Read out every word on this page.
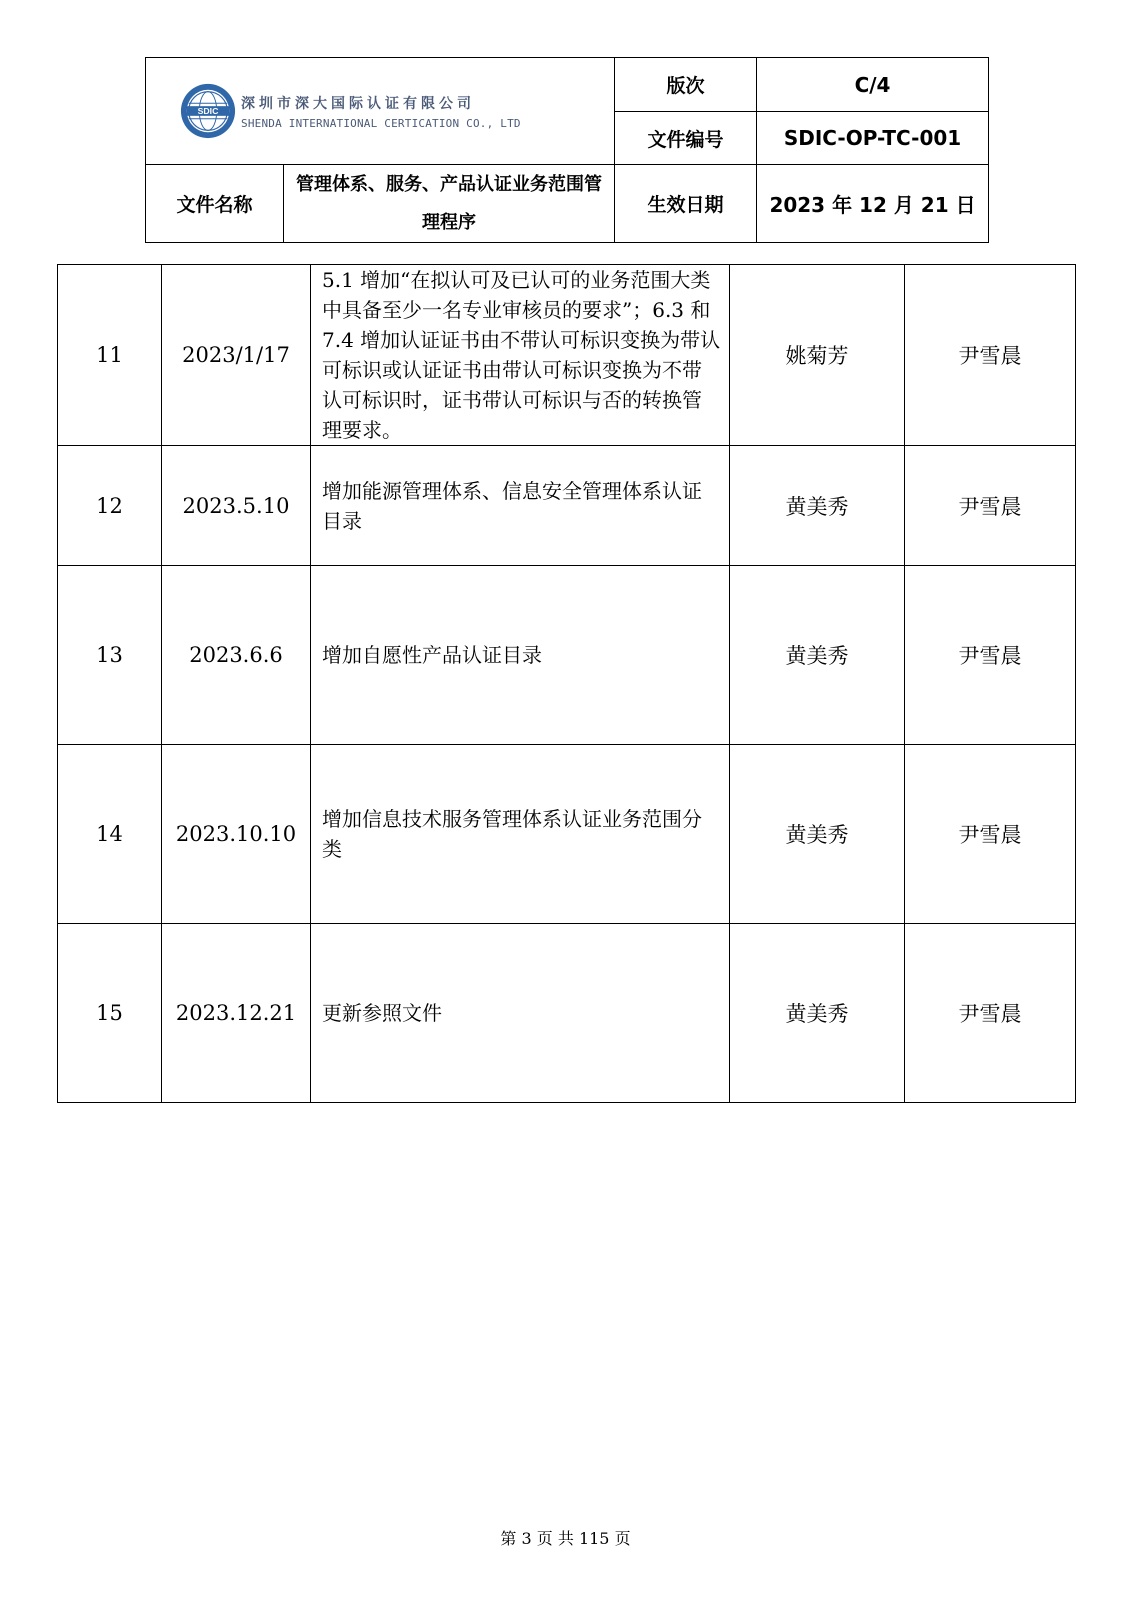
SDIC 深圳市深大国际认证有限公司
SHENDA INTERNATIONAL CERTICATION CO., LTD		版次	C/4
		文件编号	SDIC-OP-TC-001
文件名称	管理体系、服务、产品认证业务范围管理程序	生效日期	2023 年 12 月 21 日
11	2023/1/17	5.1 增加“在拟认可及已认可的业务范围大类中具备至少一名专业审核员的要求”；6.3 和 7.4 增加认证证书由不带认可标识变换为带认可标识或认证证书由带认可标识变换为不带认可标识时，证书带认可标识与否的转换管理要求。	姚菊芳	尹雪晨
12	2023.5.10	增加能源管理体系、信息安全管理体系认证目录	黄美秀	尹雪晨
13	2023.6.6	增加自愿性产品认证目录	黄美秀	尹雪晨
14	2023.10.10	增加信息技术服务管理体系认证业务范围分类	黄美秀	尹雪晨
15	2023.12.21	更新参照文件	黄美秀	尹雪晨
第 3 页 共 115 页
